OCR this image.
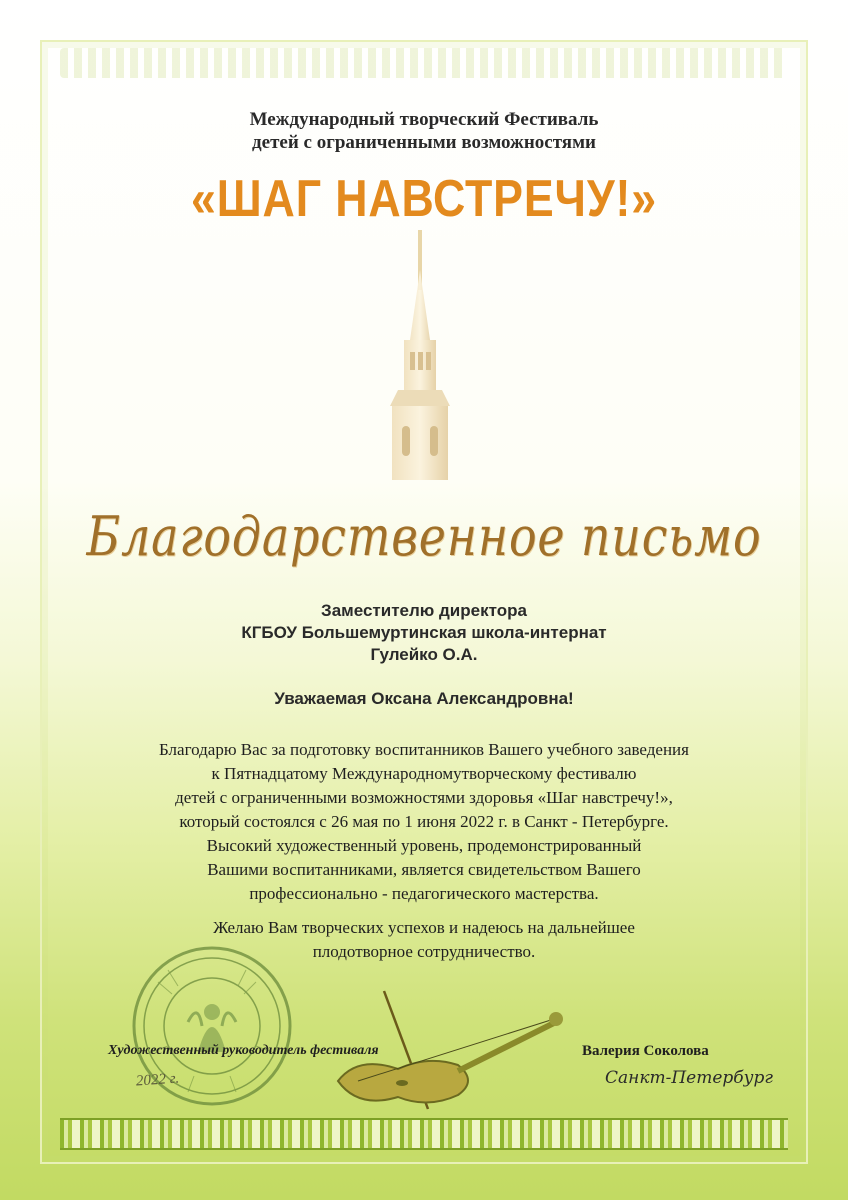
Международный творческий Фестиваль
детей с ограниченными возможностями
«ШАГ НАВСТРЕЧУ!»
Благодарственное письмо
Заместителю директора
КГБОУ Большемуртинская школа-интернат
Гулейко О.А.
Уважаемая Оксана Александровна!
Благодарю Вас за подготовку воспитанников Вашего учебного заведения
к Пятнадцатому Международномутворческому фестивалю
детей с ограниченными возможностями здоровья «Шаг навстречу!»,
который состоялся с 26 мая по 1 июня 2022 г. в Санкт - Петербурге.
Высокий художественный уровень, продемонстрированный
Вашими воспитанниками, является свидетельством Вашего
профессионально - педагогического мастерства.
Желаю Вам творческих успехов и надеюсь на дальнейшее
плодотворное сотрудничество.
Художественный руководитель фестиваля	Валерия Соколова
2022 г.	Санкт-Петербург
